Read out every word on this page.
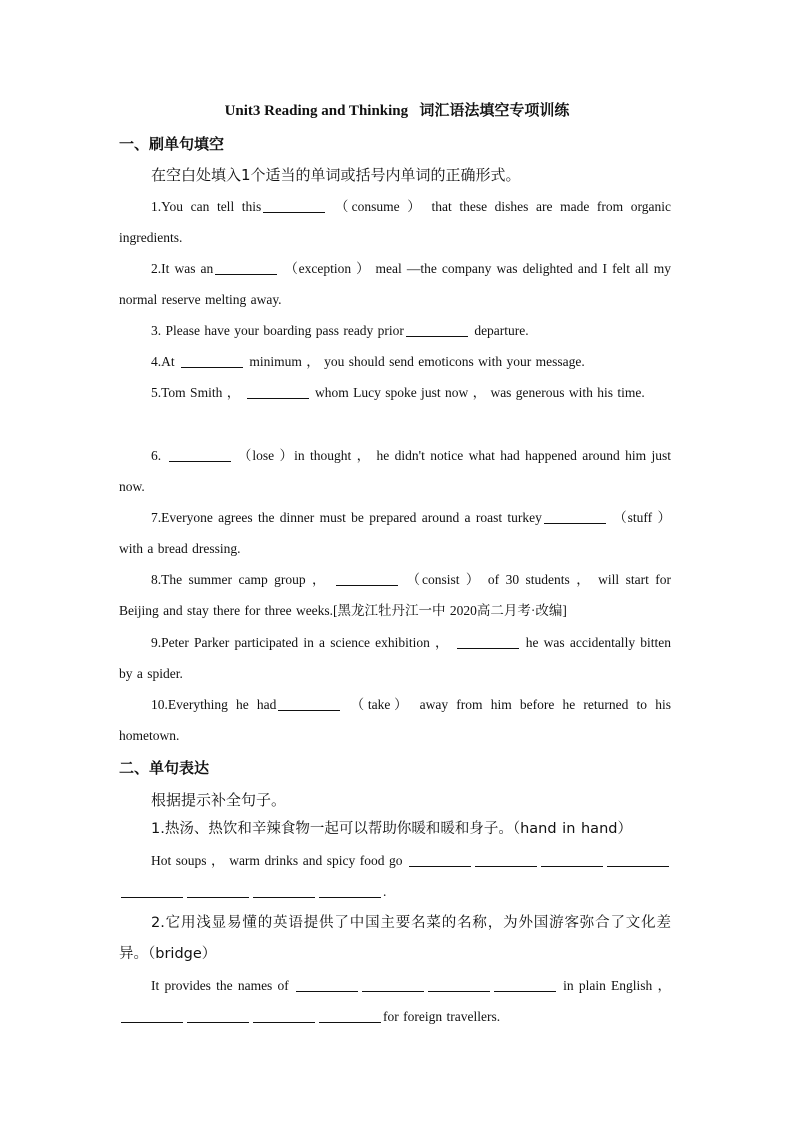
Unit3 Reading and Thinking   词汇语法填空专项训练
一、刷单句填空
在空白处填入1个适当的单词或括号内单词的正确形式。
1.You can tell this	（consume ） that these dishes are made from organic ingredients.
2.It was an	（exception ） meal —the company was delighted and I felt all my normal reserve melting away.
3. Please have your boarding pass ready prior	departure.
4.At	minimum ， you should send emoticons with your message.
5.Tom Smith ，	whom Lucy spoke just now ， was generous with his time.
6.	（lose ）in thought ， he didn't notice what had happened around him just now.
7.Everyone agrees the dinner must be prepared around a roast turkey	（stuff ）with a bread dressing.
8.The summer camp group ，	（consist ） of 30 students ， will start for Beijing and stay there for three weeks.[黑龙江牡丹江一中 2020高二月考·改编]
9.Peter Parker participated in a science exhibition ，	he was accidentally bitten by a spider.
10.Everything he had	（take） away from him before he returned to his hometown.
二、单句表达
根据提示补全句子。
1.热汤、热饮和辛辣食物一起可以帮助你暖和暖和身子。（hand in hand）
Hot soups ， warm drinks and spicy food go .
2.它用浅显易懂的英语提供了中国主要名菜的名称，为外国游客弥合了文化差异。（bridge）
It provides the names of	in plain English ， for foreign travellers.
